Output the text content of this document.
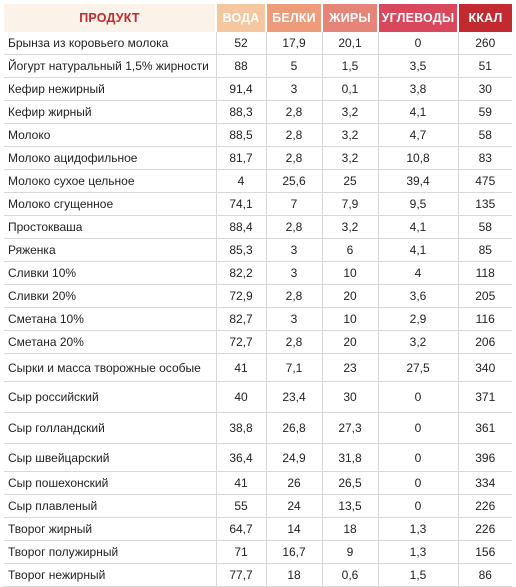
ПРОДУКТ	ВОДА	БЕЛКИ	ЖИРЫ	УГЛЕВОДЫ	ККАЛ
Брынза из коровьего молока	52	17,9	20,1	0	260
Йогурт натуральный 1,5% жирности	88	5	1,5	3,5	51
Кефир нежирный	91,4	3	0,1	3,8	30
Кефир жирный	88,3	2,8	3,2	4,1	59
Молоко	88,5	2,8	3,2	4,7	58
Молоко ацидофильное	81,7	2,8	3,2	10,8	83
Молоко сухое цельное	4	25,6	25	39,4	475
Молоко сгущенное	74,1	7	7,9	9,5	135
Простокваша	88,4	2,8	3,2	4,1	58
Ряженка	85,3	3	6	4,1	85
Сливки 10%	82,2	3	10	4	118
Сливки 20%	72,9	2,8	20	3,6	205
Сметана 10%	82,7	3	10	2,9	116
Сметана 20%	72,7	2,8	20	3,2	206
Сырки и масса творожные особые	41	7,1	23	27,5	340
Сыр российский	40	23,4	30	0	371
Сыр голландский	38,8	26,8	27,3	0	361
Сыр швейцарский	36,4	24,9	31,8	0	396
Сыр пошехонский	41	26	26,5	0	334
Сыр плавленый	55	24	13,5	0	226
Творог жирный	64,7	14	18	1,3	226
Творог полужирный	71	16,7	9	1,3	156
Творог нежирный	77,7	18	0,6	1,5	86
